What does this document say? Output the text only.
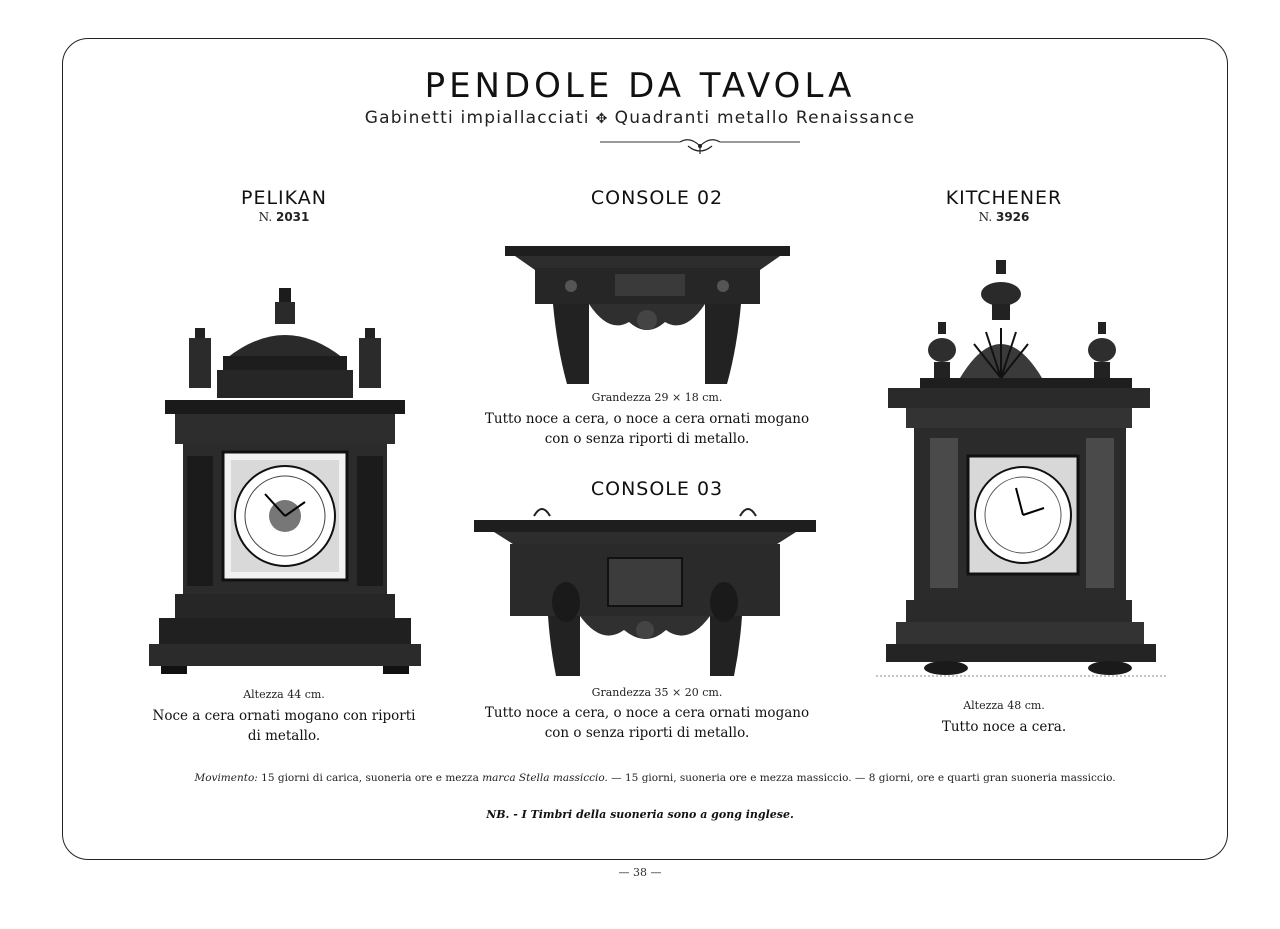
PENDOLE DA TAVOLA
Gabinetti impiallacciati ✥ Quadranti metallo Renaissance
PELIKAN
N. 2031
Altezza 44 cm.
Noce a cera ornati mogano con riporti
di metallo.
CONSOLE 02
Grandezza 29 × 18 cm.
Tutto noce a cera, o noce a cera ornati mogano
con o senza riporti di metallo.
CONSOLE 03
Grandezza 35 × 20 cm.
Tutto noce a cera, o noce a cera ornati mogano
con o senza riporti di metallo.
KITCHENER
N. 3926
Altezza 48 cm.
Tutto noce a cera.
Movimento: 15 giorni di carica, suoneria ore e mezza marca Stella massiccio. — 15 giorni, suoneria ore e mezza massiccio. — 8 giorni, ore e quarti gran suoneria massiccio.
NB. - I Timbri della suoneria sono a gong inglese.
— 38 —
